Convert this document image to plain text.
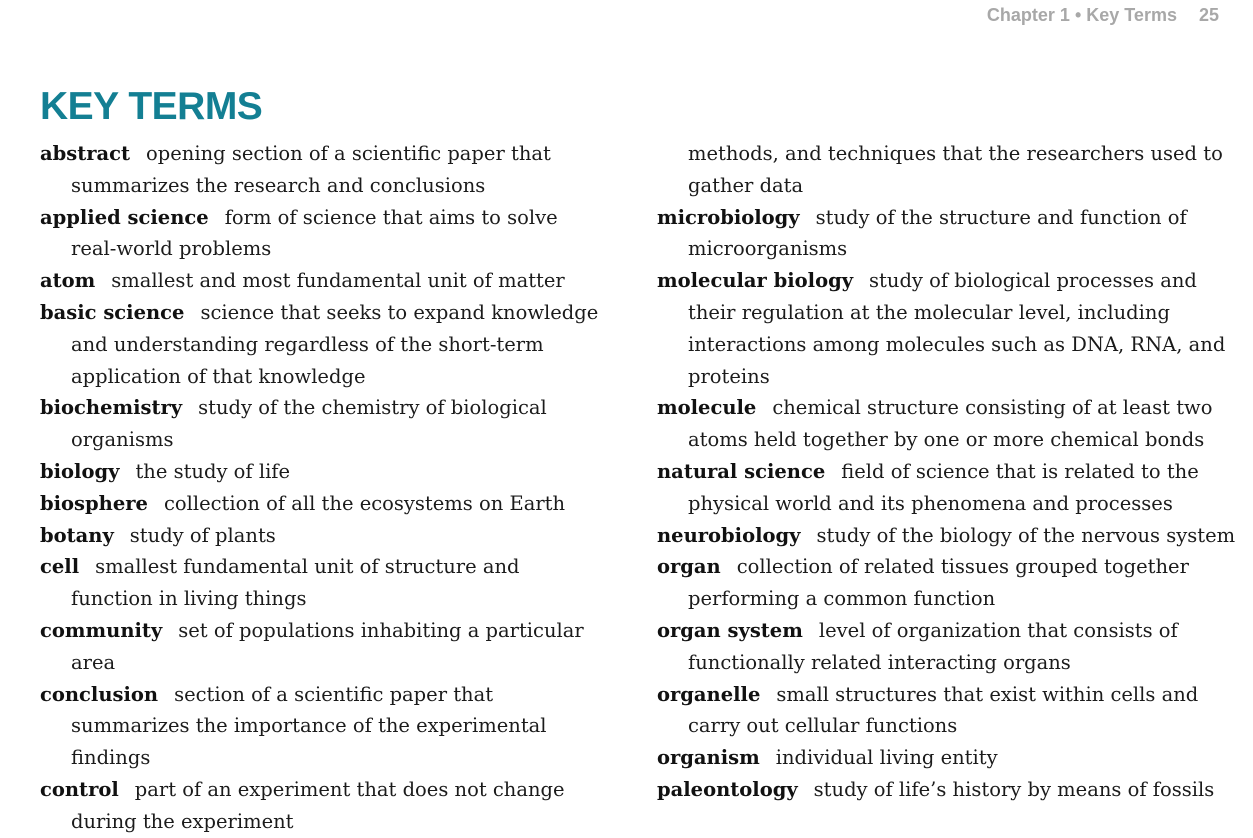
Chapter 1 • Key Terms 25
KEY TERMS
abstract opening section of a scientific paper that summarizes the research and conclusions
applied science form of science that aims to solve real-world problems
atom smallest and most fundamental unit of matter
basic science science that seeks to expand knowledge and understanding regardless of the short-term application of that knowledge
biochemistry study of the chemistry of biological organisms
biology the study of life
biosphere collection of all the ecosystems on Earth
botany study of plants
cell smallest fundamental unit of structure and function in living things
community set of populations inhabiting a particular area
conclusion section of a scientific paper that summarizes the importance of the experimental findings
control part of an experiment that does not change during the experiment
methods, and techniques that the researchers used to gather data
microbiology study of the structure and function of microorganisms
molecular biology study of biological processes and their regulation at the molecular level, including interactions among molecules such as DNA, RNA, and proteins
molecule chemical structure consisting of at least two atoms held together by one or more chemical bonds
natural science field of science that is related to the physical world and its phenomena and processes
neurobiology study of the biology of the nervous system
organ collection of related tissues grouped together performing a common function
organ system level of organization that consists of functionally related interacting organs
organelle small structures that exist within cells and carry out cellular functions
organism individual living entity
paleontology study of life’s history by means of fossils
